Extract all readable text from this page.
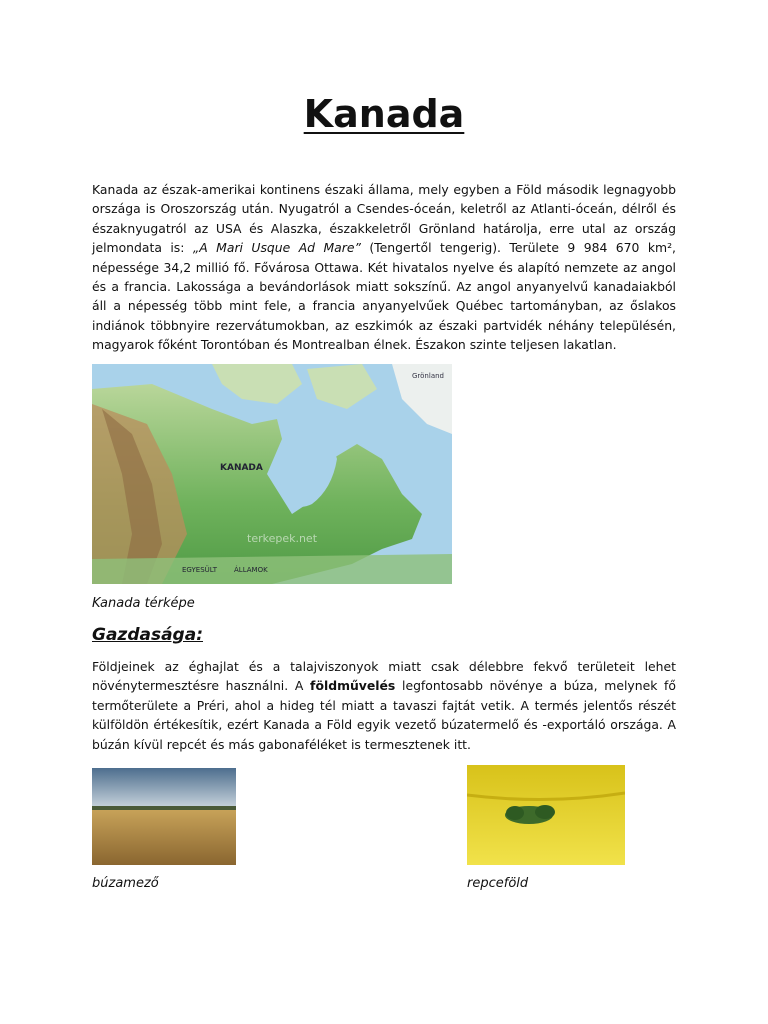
Kanada

Kanada az észak-amerikai kontinens északi állama, mely egyben a Föld második legnagyobb országa is Oroszország után. Nyugatról a Csendes-óceán, keletről az Atlanti-óceán, délről és északnyugatról az USA és Alaszka, északkeletről Grönland határolja, erre utal az ország jelmondata is: „A Mari Usque Ad Mare” (Tengertől tengerig). Területe 9 984 670 km², népessége 34,2 millió fő. Fővárosa Ottawa. Két hivatalos nyelve és alapító nemzete az angol és a francia. Lakossága a bevándorlások miatt sokszínű. Az angol anyanyelvű kanadaiakból áll a népesség több mint fele, a francia anyanyelvűek Québec tartományban, az őslakos indiánok többnyire rezervátumokban, az eszkimók az északi partvidék néhány településén, magyarok főként Torontóban és Montrealban élnek. Északon szinte teljesen lakatlan.

KANADA
Grönland
EGYESÜLT ÁLLAMOK
terkepek.net

Kanada térképe

Gazdasága:

Földjeinek az éghajlat és a talajviszonyok miatt csak délebbre fekvő területeit lehet növénytermesztésre használni. A földművelés legfontosabb növénye a búza, melynek fő termőterülete a Préri, ahol a hideg tél miatt a tavaszi fajtát vetik. A termés jelentős részét külföldön értékesítik, ezért Kanada a Föld egyik vezető búzatermelő és -exportáló országa. A búzán kívül repcét és más gabonaféléket is termesztenek itt.

búzamező	repceföld
